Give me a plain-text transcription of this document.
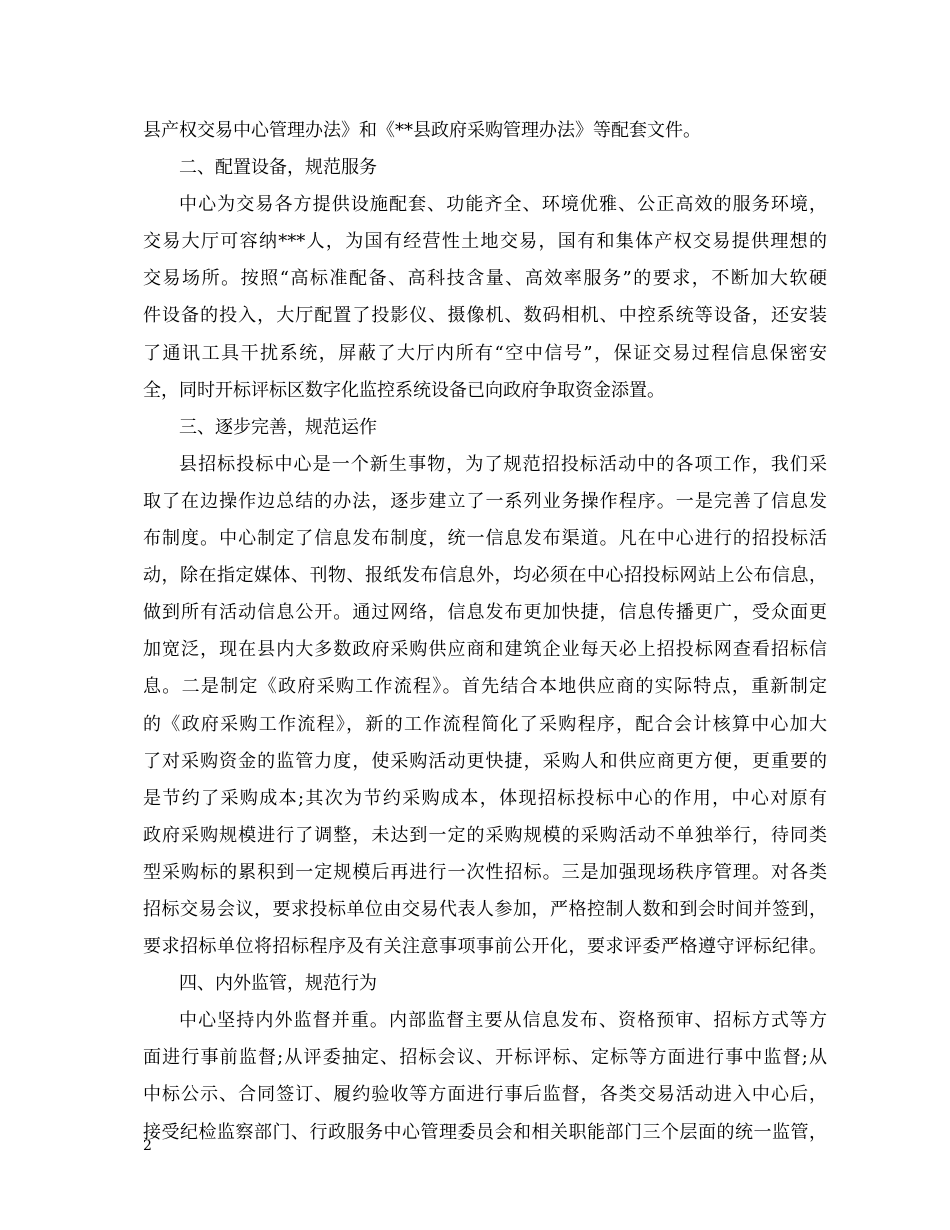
县产权交易中心管理办法》和《**县政府采购管理办法》等配套文件。
二、配置设备，规范服务
中心为交易各方提供设施配套、功能齐全、环境优雅、公正高效的服务环境，
交易大厅可容纳***人，为国有经营性土地交易，国有和集体产权交易提供理想的
交易场所。按照“高标准配备、高科技含量、高效率服务”的要求，不断加大软硬
件设备的投入，大厅配置了投影仪、摄像机、数码相机、中控系统等设备，还安装
了通讯工具干扰系统，屏蔽了大厅内所有“空中信号”，保证交易过程信息保密安
全，同时开标评标区数字化监控系统设备已向政府争取资金添置。
三、逐步完善，规范运作
县招标投标中心是一个新生事物，为了规范招投标活动中的各项工作，我们采
取了在边操作边总结的办法，逐步建立了一系列业务操作程序。一是完善了信息发
布制度。中心制定了信息发布制度，统一信息发布渠道。凡在中心进行的招投标活
动，除在指定媒体、刊物、报纸发布信息外，均必须在中心招投标网站上公布信息，
做到所有活动信息公开。通过网络，信息发布更加快捷，信息传播更广，受众面更
加宽泛，现在县内大多数政府采购供应商和建筑企业每天必上招投标网查看招标信
息。二是制定《政府采购工作流程》。首先结合本地供应商的实际特点，重新制定
的《政府采购工作流程》，新的工作流程简化了采购程序，配合会计核算中心加大
了对采购资金的监管力度，使采购活动更快捷，采购人和供应商更方便，更重要的
是节约了采购成本;其次为节约采购成本，体现招标投标中心的作用，中心对原有
政府采购规模进行了调整，未达到一定的采购规模的采购活动不单独举行，待同类
型采购标的累积到一定规模后再进行一次性招标。三是加强现场秩序管理。对各类
招标交易会议，要求投标单位由交易代表人参加，严格控制人数和到会时间并签到，
要求招标单位将招标程序及有关注意事项事前公开化，要求评委严格遵守评标纪律。
四、内外监管，规范行为
中心坚持内外监督并重。内部监督主要从信息发布、资格预审、招标方式等方
面进行事前监督;从评委抽定、招标会议、开标评标、定标等方面进行事中监督;从
中标公示、合同签订、履约验收等方面进行事后监督，各类交易活动进入中心后，
接受纪检监察部门、行政服务中心管理委员会和相关职能部门三个层面的统一监管，
2
